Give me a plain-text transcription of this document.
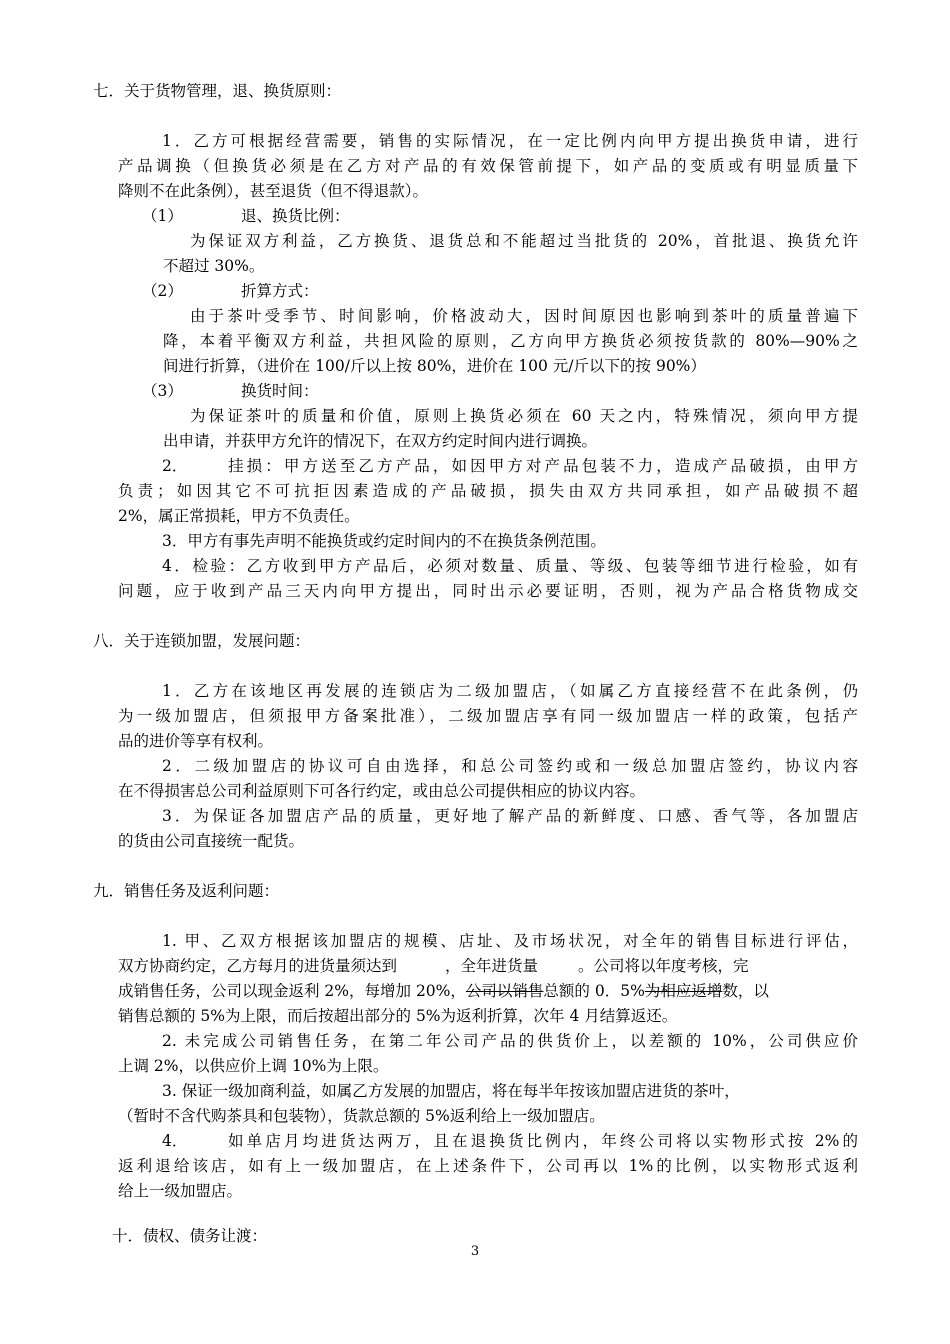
七．关于货物管理，退、换货原则：
1．乙方可根据经营需要，销售的实际情况，在一定比例内向甲方提出换货申请，进行
产品调换（但换货必须是在乙方对产品的有效保管前提下，如产品的变质或有明显质量下
降则不在此条例），甚至退货（但不得退款）。
（1）	退、换货比例：
为保证双方利益，乙方换货、退货总和不能超过当批货的 20%，首批退、换货允许
不超过 30%。
（2）	折算方式：
由于茶叶受季节、时间影响，价格波动大，因时间原因也影响到茶叶的质量普遍下
降，本着平衡双方利益，共担风险的原则，乙方向甲方换货必须按货款的 80%—90%之
间进行折算，（进价在 100/斤以上按 80%，进价在 100 元/斤以下的按 90%）
（3）	换货时间：
为保证茶叶的质量和价值，原则上换货必须在 60 天之内，特殊情况，须向甲方提
出申请，并获甲方允许的情况下，在双方约定时间内进行调换。
2．	挂损：甲方送至乙方产品，如因甲方对产品包装不力，造成产品破损，由甲方
负责；如因其它不可抗拒因素造成的产品破损，损失由双方共同承担，如产品破损不超
2%，属正常损耗，甲方不负责任。
3．甲方有事先声明不能换货或约定时间内的不在换货条例范围。
4．检验：乙方收到甲方产品后，必须对数量、质量、等级、包装等细节进行检验，如有
问题，应于收到产品三天内向甲方提出，同时出示必要证明，否则，视为产品合格货物成交
八．关于连锁加盟，发展问题：
1．乙方在该地区再发展的连锁店为二级加盟店，（如属乙方直接经营不在此条例，仍
为一级加盟店，但须报甲方备案批准），二级加盟店享有同一级加盟店一样的政策，包括产
品的进价等享有权利。
2．二级加盟店的协议可自由选择，和总公司签约或和一级总加盟店签约，协议内容
在不得损害总公司利益原则下可各行约定，或由总公司提供相应的协议内容。
3．为保证各加盟店产品的质量，更好地了解产品的新鲜度、口感、香气等，各加盟店
的货由公司直接统一配货。
九．销售任务及返利问题：
1. 甲、乙双方根据该加盟店的规模、店址、及市场状况，对全年的销售目标进行评估，
双方协商约定，乙方每月的进货量须达到	，全年进货量	。公司将以年度考核，完
成销售任务，公司以现金返利 2%，每增加 20%，公司以销售总额的 0．5%为相应返增数，以
销售总额的 5%为上限，而后按超出部分的 5%为返利折算，次年 4 月结算返还。
2. 未完成公司销售任务，在第二年公司产品的供货价上，以差额的 10%，公司供应价
上调 2%，以供应价上调 10%为上限。
3. 保证一级加商利益，如属乙方发展的加盟店，将在每半年按该加盟店进货的茶叶，
（暂时不含代购茶具和包装物），货款总额的 5%返利给上一级加盟店。
4．	如单店月均进货达两万，且在退换货比例内，年终公司将以实物形式按 2%的
返利退给该店，如有上一级加盟店，在上述条件下，公司再以 1%的比例，以实物形式返利
给上一级加盟店。
十．债权、债务让渡：
3
